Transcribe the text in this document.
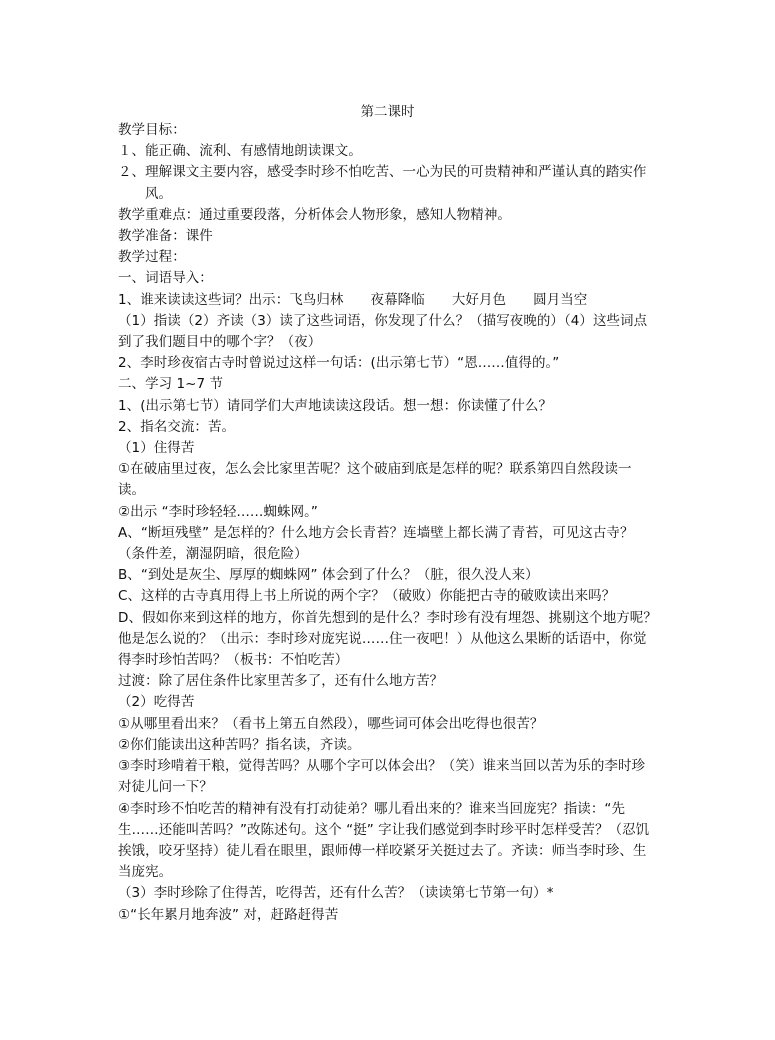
第二课时

教学目标：

１、能正确、流利、有感情地朗读课文。

２、理解课文主要内容，感受李时珍不怕吃苦、一心为民的可贵精神和严谨认真的踏实作风。

教学重难点：通过重要段落，分析体会人物形象，感知人物精神。

教学准备：课件

教学过程：

一、词语导入：

1、谁来读读这些词？出示：飞鸟归林　　夜幕降临　　大好月色　　圆月当空

（1）指读（2）齐读（3）读了这些词语，你发现了什么？（描写夜晚的）（4）这些词点到了我们题目中的哪个字？（夜）

2、李时珍夜宿古寺时曾说过这样一句话：(出示第七节）“恩……值得的。”

二、学习 1~7 节

1、(出示第七节）请同学们大声地读读这段话。想一想：你读懂了什么？

2、指名交流：苦。

（1）住得苦

①在破庙里过夜，怎么会比家里苦呢？这个破庙到底是怎样的呢？联系第四自然段读一读。

②出示 “李时珍轻轻……蜘蛛网。”

A、“断垣残壁” 是怎样的？什么地方会长青苔？连墙壁上都长满了青苔，可见这古寺？（条件差，潮湿阴暗，很危险）

B、“到处是灰尘、厚厚的蜘蛛网” 体会到了什么？（脏，很久没人来）

C、这样的古寺真用得上书上所说的两个字？（破败）你能把古寺的破败读出来吗？

D、假如你来到这样的地方，你首先想到的是什么？李时珍有没有埋怨、挑剔这个地方呢？他是怎么说的？（出示：李时珍对庞宪说……住一夜吧！）从他这么果断的话语中，你觉得李时珍怕苦吗？（板书：不怕吃苦）

过渡：除了居住条件比家里苦多了，还有什么地方苦？

（2）吃得苦

①从哪里看出来？（看书上第五自然段），哪些词可体会出吃得也很苦？

②你们能读出这种苦吗？指名读，齐读。

③李时珍啃着干粮，觉得苦吗？从哪个字可以体会出？（笑）谁来当回以苦为乐的李时珍对徒儿问一下？

④李时珍不怕吃苦的精神有没有打动徒弟？哪儿看出来的？谁来当回庞宪？指读：“先生……还能叫苦吗？”改陈述句。这个 “挺” 字让我们感觉到李时珍平时怎样受苦？（忍饥挨饿，咬牙坚持）徒儿看在眼里，跟师傅一样咬紧牙关挺过去了。齐读：师当李时珍、生当庞宪。

（3）李时珍除了住得苦，吃得苦，还有什么苦？（读读第七节第一句）*

①“长年累月地奔波” 对，赶路赶得苦
